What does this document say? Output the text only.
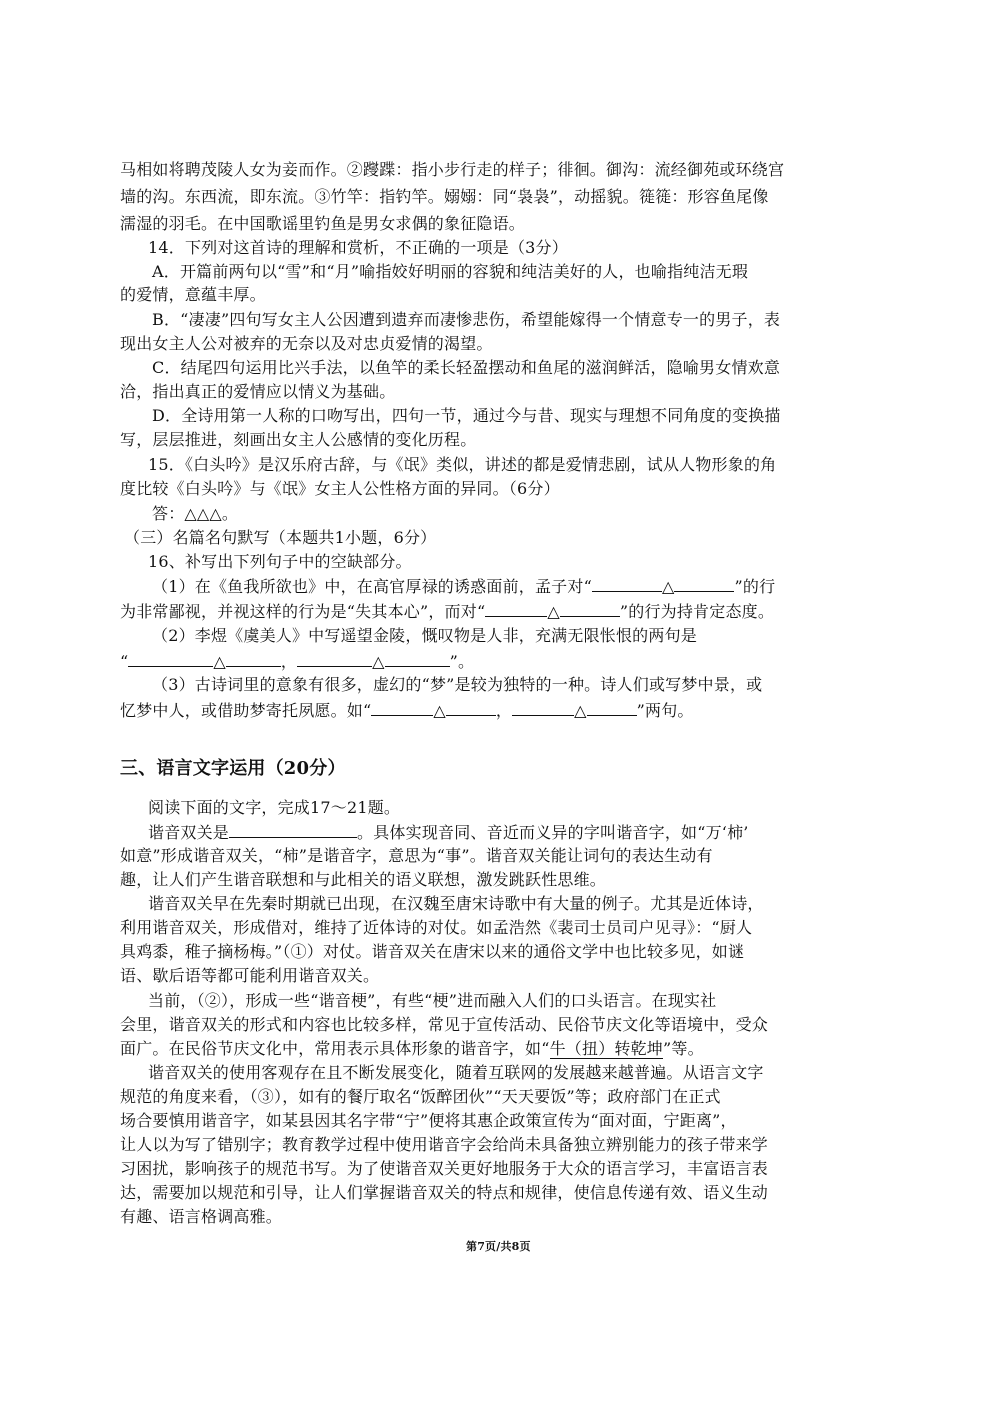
马相如将聘茂陵人女为妾而作。②躞蹀：指小步行走的样子；徘徊。御沟：流经御苑或环绕宫
墙的沟。东西流，即东流。③竹竿：指钓竿。嫋嫋：同“袅袅”，动摇貌。簁簁：形容鱼尾像
濡湿的羽毛。在中国歌谣里钓鱼是男女求偶的象征隐语。
14．下列对这首诗的理解和赏析，不正确的一项是（3分）
A．开篇前两句以“雪”和“月”喻指姣好明丽的容貌和纯洁美好的人，也喻指纯洁无瑕
的爱情，意蕴丰厚。
B．“凄凄”四句写女主人公因遭到遗弃而凄惨悲伤，希望能嫁得一个情意专一的男子，表
现出女主人公对被弃的无奈以及对忠贞爱情的渴望。
C．结尾四句运用比兴手法，以鱼竿的柔长轻盈摆动和鱼尾的滋润鲜活，隐喻男女情欢意
洽，指出真正的爱情应以情义为基础。
D．全诗用第一人称的口吻写出，四句一节，通过今与昔、现实与理想不同角度的变换描
写，层层推进，刻画出女主人公感情的变化历程。
15．《白头吟》是汉乐府古辞，与《氓》类似，讲述的都是爱情悲剧，试从人物形象的角
度比较《白头吟》与《氓》女主人公性格方面的异同。（6分）
答：△△△。
（三）名篇名句默写（本题共1小题，6分）
16、补写出下列句子中的空缺部分。
（1）在《鱼我所欲也》中，在高官厚禄的诱惑面前，孟子对“	△	”的行
为非常鄙视，并视这样的行为是“失其本心”，而对“	△	”的行为持肯定态度。
（2）李煜《虞美人》中写遥望金陵，慨叹物是人非，充满无限怅恨的两句是
“	△	，	△	”。
（3）古诗词里的意象有很多，虚幻的“梦”是较为独特的一种。诗人们或写梦中景，或
忆梦中人，或借助梦寄托夙愿。如“	△	，	△	”两句。
三、语言文字运用（20分）
阅读下面的文字，完成17～21题。
谐音双关是	。具体实现音同、音近而义异的字叫谐音字，如“万‘柿’
如意”形成谐音双关，“柿”是谐音字，意思为“事”。谐音双关能让词句的表达生动有
趣，让人们产生谐音联想和与此相关的语义联想，激发跳跃性思维。
谐音双关早在先秦时期就已出现，在汉魏至唐宋诗歌中有大量的例子。尤其是近体诗，
利用谐音双关，形成借对，维持了近体诗的对仗。如孟浩然《裴司士员司户见寻》：“厨人
具鸡黍，稚子摘杨梅。”（①）对仗。谐音双关在唐宋以来的通俗文学中也比较多见，如谜
语、歇后语等都可能利用谐音双关。
当前，（②），形成一些“谐音梗”，有些“梗”进而融入人们的口头语言。在现实社
会里，谐音双关的形式和内容也比较多样，常见于宣传活动、民俗节庆文化等语境中，受众
面广。在民俗节庆文化中，常用表示具体形象的谐音字，如“牛（扭）转乾坤”等。
谐音双关的使用客观存在且不断发展变化，随着互联网的发展越来越普遍。从语言文字
规范的角度来看，（③），如有的餐厅取名“饭醉团伙”“天天要饭”等；政府部门在正式
场合要慎用谐音字，如某县因其名字带“宁”便将其惠企政策宣传为“面对面，宁距离”，
让人以为写了错别字；教育教学过程中使用谐音字会给尚未具备独立辨别能力的孩子带来学
习困扰，影响孩子的规范书写。为了使谐音双关更好地服务于大众的语言学习，丰富语言表
达，需要加以规范和引导，让人们掌握谐音双关的特点和规律，使信息传递有效、语义生动
有趣、语言格调高雅。
第7页/共8页
